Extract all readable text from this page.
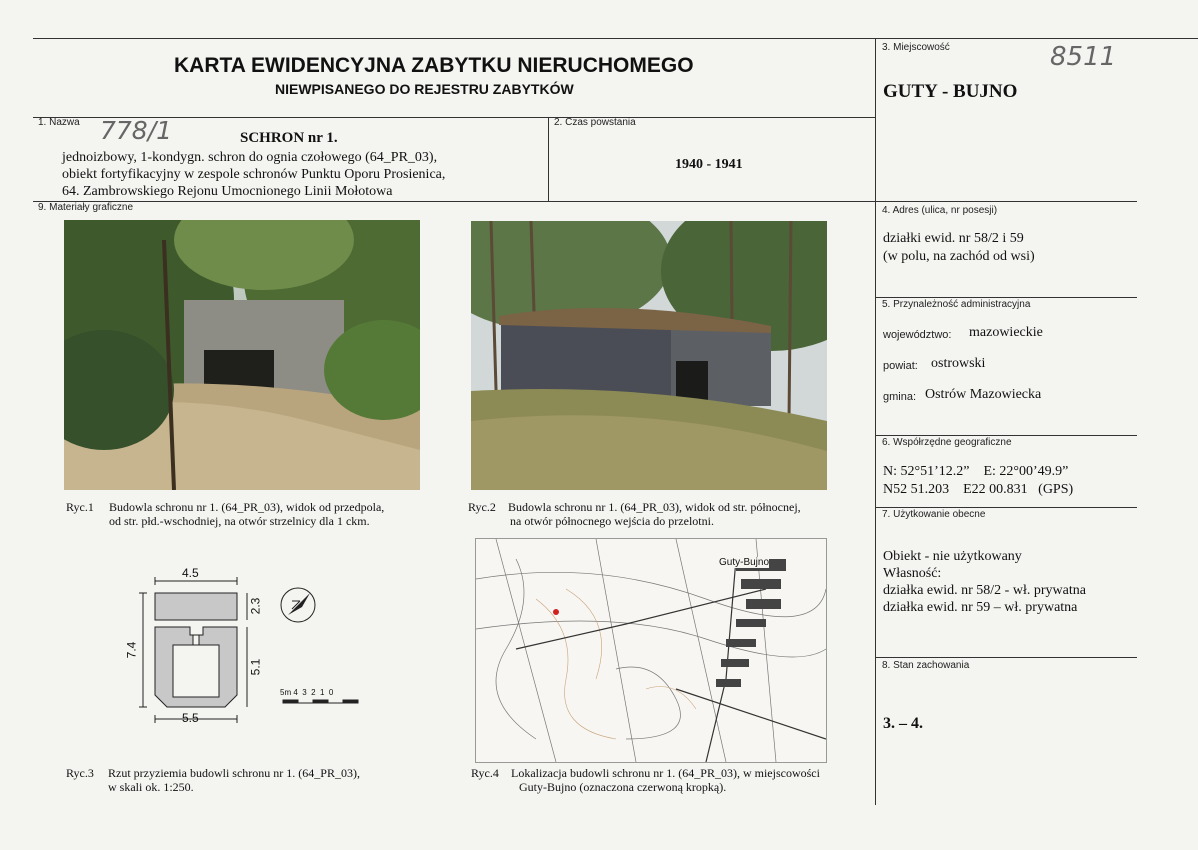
KARTA EWIDENCYJNA ZABYTKU NIERUCHOMEGO
NIEWPISANEGO DO REJESTRU ZABYTKÓW
8511
3. Miejscowość
GUTY - BUJNO
1. Nazwa 778/1	SCHRON nr 1.
jednoizbowy, 1-kondygn. schron do ognia czołowego (64_PR_03),
obiekt fortyfikacyjny w zespole schronów Punktu Oporu Prosienica,
64. Zambrowskiego Rejonu Umocnionego Linii Mołotowa
2. Czas powstania
1940 - 1941
9. Materiały graficzne
Ryc.1 Budowla schronu nr 1. (64_PR_03), widok od przedpola,
od str. płd.-wschodniej, na otwór strzelnicy dla 1 ckm.
Ryc.2 Budowla schronu nr 1. (64_PR_03), widok od str. północnej,
na otwór północnego wejścia do przelotni.
4.5
7.4
2.3
5.1
5.5
5m 4  3  2  1  0
Guty-Bujno
Ryc.3 Rzut przyziemia budowli schronu nr 1. (64_PR_03),
w skali ok. 1:250.
Ryc.4 Lokalizacja budowli schronu nr 1. (64_PR_03), w miejscowości
Guty-Bujno (oznaczona czerwoną kropką).
4. Adres (ulica, nr posesji)
działki ewid. nr 58/2 i 59
(w polu, na zachód od wsi)
5. Przynależność administracyjna
województwo: mazowieckie
powiat: ostrowski
gmina: Ostrów Mazowiecka
6. Współrzędne geograficzne
N: 52°51’12.2”    E: 22°00’49.9”
N52 51.203    E22 00.831   (GPS)
7. Użytkowanie obecne
Obiekt - nie użytkowany
Własność:
działka ewid. nr 58/2 - wł. prywatna
działka ewid. nr 59 – wł. prywatna
8. Stan zachowania
3. – 4.
